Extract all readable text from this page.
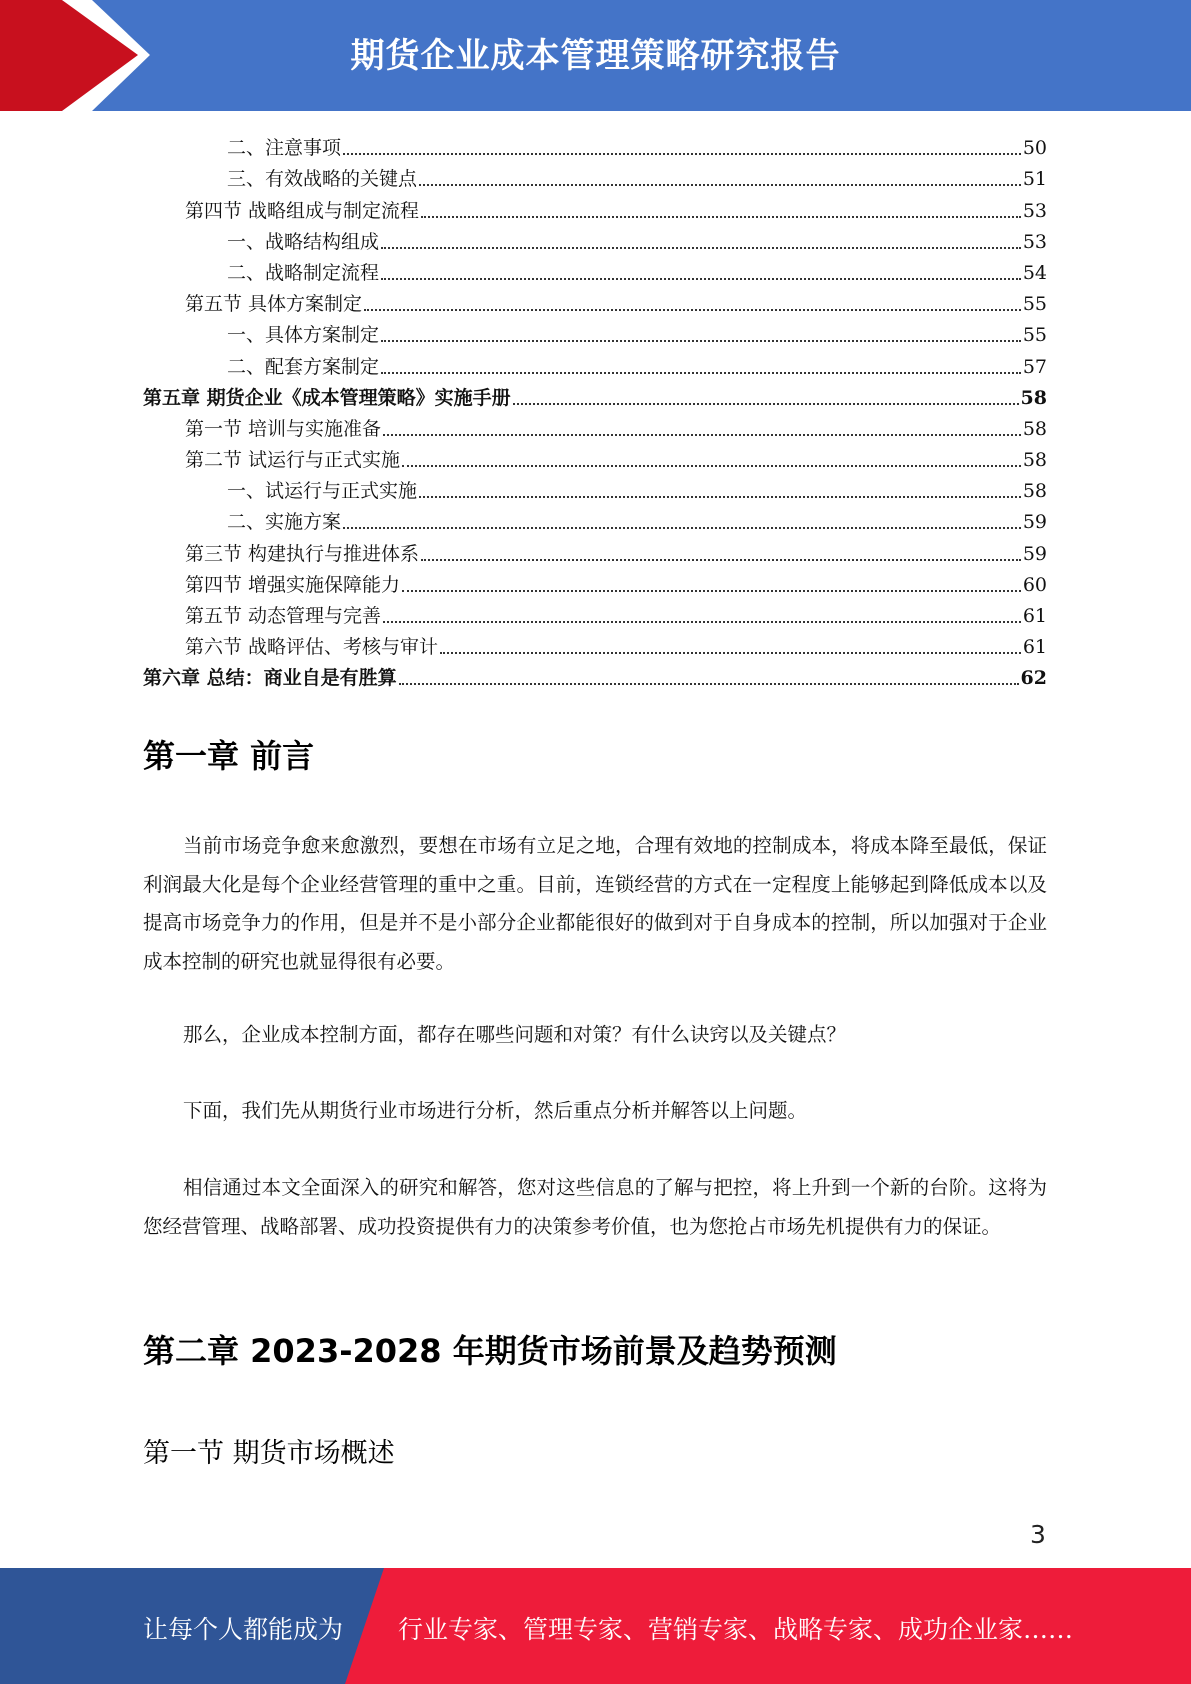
期货企业成本管理策略研究报告
二、注意事项	50
三、有效战略的关键点	51
第四节 战略组成与制定流程	53
一、战略结构组成	53
二、战略制定流程	54
第五节 具体方案制定	55
一、具体方案制定	55
二、配套方案制定	57
第五章 期货企业《成本管理策略》实施手册	58
第一节 培训与实施准备	58
第二节 试运行与正式实施	58
一、试运行与正式实施	58
二、实施方案	59
第三节 构建执行与推进体系	59
第四节 增强实施保障能力	60
第五节 动态管理与完善	61
第六节 战略评估、考核与审计	61
第六章 总结：商业自是有胜算	62
第一章 前言

当前市场竞争愈来愈激烈，要想在市场有立足之地，合理有效地的控制成本，将成本降至最低，保证利润最大化是每个企业经营管理的重中之重。目前，连锁经营的方式在一定程度上能够起到降低成本以及提高市场竞争力的作用，但是并不是小部分企业都能很好的做到对于自身成本的控制，所以加强对于企业成本控制的研究也就显得很有必要。

那么，企业成本控制方面，都存在哪些问题和对策？有什么诀窍以及关键点？

下面，我们先从期货行业市场进行分析，然后重点分析并解答以上问题。

相信通过本文全面深入的研究和解答，您对这些信息的了解与把控，将上升到一个新的台阶。这将为您经营管理、战略部署、成功投资提供有力的决策参考价值，也为您抢占市场先机提供有力的保证。

第二章 2023-2028 年期货市场前景及趋势预测
第一节 期货市场概述
3
让每个人都能成为 行业专家、管理专家、营销专家、战略专家、成功企业家……
